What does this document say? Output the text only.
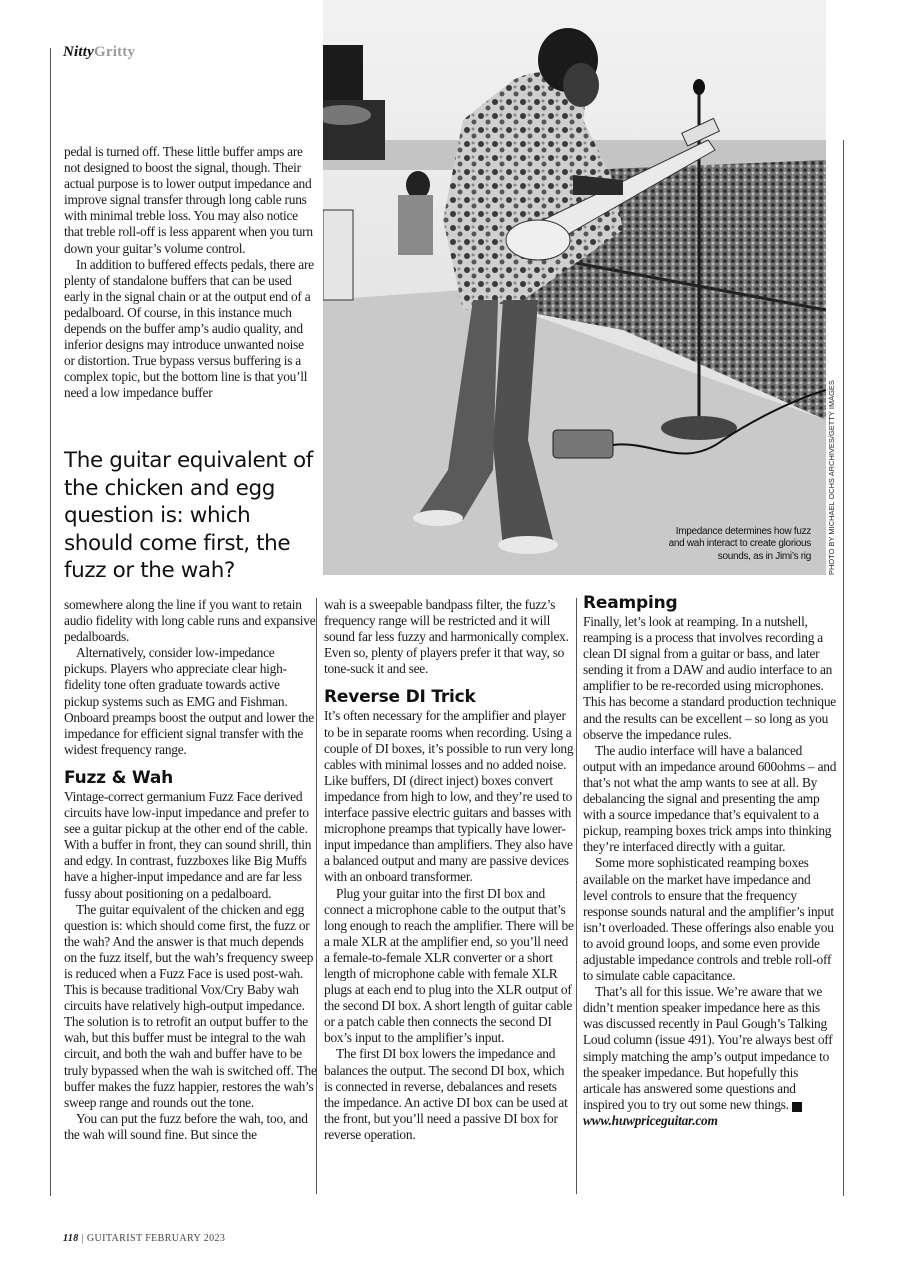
NittyGritty

pedal is turned off. These little buffer amps are not designed to boost the signal, though. Their actual purpose is to lower output impedance and improve signal transfer through long cable runs with minimal treble loss. You may also notice that treble roll-off is less apparent when you turn down your guitar’s volume control.

In addition to buffered effects pedals, there are plenty of standalone buffers that can be used early in the signal chain or at the output end of a pedalboard. Of course, in this instance much depends on the buffer amp’s audio quality, and inferior designs may introduce unwanted noise or distortion. True bypass versus buffering is a complex topic, but the bottom line is that you’ll need a low impedance buffer

The guitar equivalent of the chicken and egg question is: which should come first, the fuzz or the wah?
Impedance determines how fuzz and wah interact to create glorious sounds, as in Jimi’s rig PHOTO BY MICHAEL OCHS ARCHIVES/GETTY IMAGES

somewhere along the line if you want to retain audio fidelity with long cable runs and expansive pedalboards.

Alternatively, consider low-impedance pickups. Players who appreciate clear high-fidelity tone often graduate towards active pickup systems such as EMG and Fishman. Onboard preamps boost the output and lower the impedance for efficient signal transfer with the widest frequency range.

Fuzz & Wah

Vintage-correct germanium Fuzz Face derived circuits have low-input impedance and prefer to see a guitar pickup at the other end of the cable. With a buffer in front, they can sound shrill, thin and edgy. In contrast, fuzzboxes like Big Muffs have a higher-input impedance and are far less fussy about positioning on a pedalboard.

The guitar equivalent of the chicken and egg question is: which should come first, the fuzz or the wah? And the answer is that much depends on the fuzz itself, but the wah’s frequency sweep is reduced when a Fuzz Face is used post-wah. This is because traditional Vox/Cry Baby wah circuits have relatively high-output impedance. The solution is to retrofit an output buffer to the wah, but this buffer must be integral to the wah circuit, and both the wah and buffer have to be truly bypassed when the wah is switched off. The buffer makes the fuzz happier, restores the wah’s sweep range and rounds out the tone.

You can put the fuzz before the wah, too, and the wah will sound fine. But since the

wah is a sweepable bandpass filter, the fuzz’s frequency range will be restricted and it will sound far less fuzzy and harmonically complex. Even so, plenty of players prefer it that way, so tone-suck it and see.

Reverse DI Trick

It’s often necessary for the amplifier and player to be in separate rooms when recording. Using a couple of DI boxes, it’s possible to run very long cables with minimal losses and no added noise. Like buffers, DI (direct inject) boxes convert impedance from high to low, and they’re used to interface passive electric guitars and basses with microphone preamps that typically have lower-input impedance than amplifiers. They also have a balanced output and many are passive devices with an onboard transformer.

Plug your guitar into the first DI box and connect a microphone cable to the output that’s long enough to reach the amplifier. There will be a male XLR at the amplifier end, so you’ll need a female-to-female XLR converter or a short length of microphone cable with female XLR plugs at each end to plug into the XLR output of the second DI box. A short length of guitar cable or a patch cable then connects the second DI box’s input to the amplifier’s input.

The first DI box lowers the impedance and balances the output. The second DI box, which is connected in reverse, debalances and resets the impedance. An active DI box can be used at the front, but you’ll need a passive DI box for reverse operation.

Reamping

Finally, let’s look at reamping. In a nutshell, reamping is a process that involves recording a clean DI signal from a guitar or bass, and later sending it from a DAW and audio interface to an amplifier to be re-recorded using microphones. This has become a standard production technique and the results can be excellent – so long as you observe the impedance rules.

The audio interface will have a balanced output with an impedance around 600ohms – and that’s not what the amp wants to see at all. By debalancing the signal and presenting the amp with a source impedance that’s equivalent to a pickup, reamping boxes trick amps into thinking they’re interfaced directly with a guitar.

Some more sophisticated reamping boxes available on the market have impedance and level controls to ensure that the frequency response sounds natural and the amplifier’s input isn’t overloaded. These offerings also enable you to avoid ground loops, and some even provide adjustable impedance controls and treble roll-off to simulate cable capacitance.

That’s all for this issue. We’re aware that we didn’t mention speaker impedance here as this was discussed recently in Paul Gough’s Talking Loud column (issue 491). You’re always best off simply matching the amp’s output impedance to the speaker impedance. But hopefully this articale has answered some questions and inspired you to try out some new things. G

www.huwpriceguitar.com

118 | GUITARIST FEBRUARY 2023
